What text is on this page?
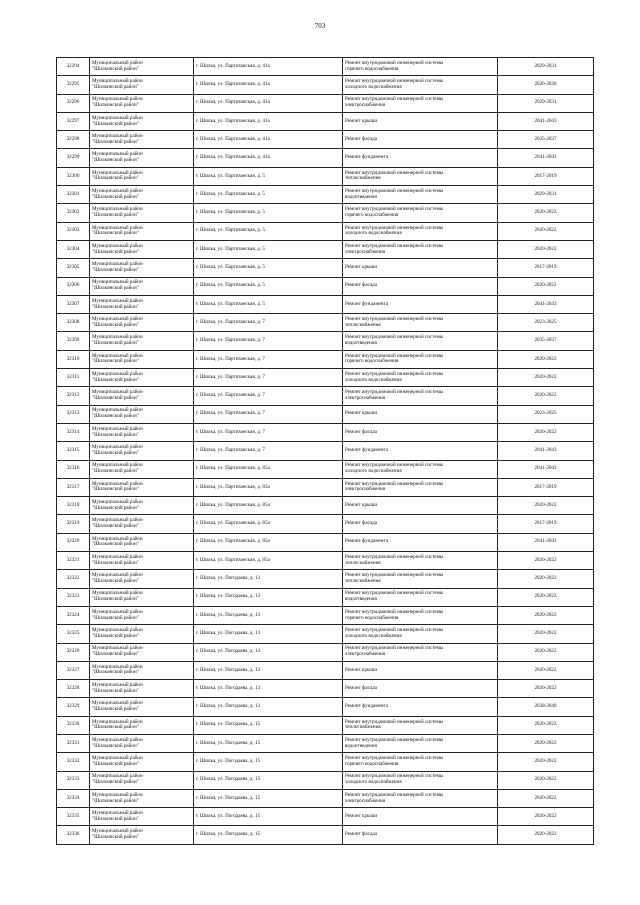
703
32294	Муниципальный район
"Шилкинский район"	г. Шилка, ул. Партизанская, д. 41а	Ремонт внутридомовой инженерной системы
горячего водоснабжения	2029-2031
32295	Муниципальный район
"Шилкинский район"	г. Шилка, ул. Партизанская, д. 41а	Ремонт внутридомовой инженерной системы
холодного водоснабжения	2026-2028
32296	Муниципальный район
"Шилкинский район"	г. Шилка, ул. Партизанская, д. 41а	Ремонт внутридомовой инженерной системы
электроснабжения	2029-2031
32297	Муниципальный район
"Шилкинский район"	г. Шилка, ул. Партизанская, д. 41а	Ремонт крыши	2041-2043
32298	Муниципальный район
"Шилкинский район"	г. Шилка, ул. Партизанская, д. 41а	Ремонт фасада	2035-2037
32299	Муниципальный район
"Шилкинский район"	г. Шилка, ул. Партизанская, д. 41а	Ремонт фундамента	2041-2043
32300	Муниципальный район
"Шилкинский район"	г. Шилка, ул. Партизанская, д. 5	Ремонт внутридомовой инженерной системы
теплоснабжения	2017-2019
32301	Муниципальный район
"Шилкинский район"	г. Шилка, ул. Партизанская, д. 5	Ремонт внутридомовой инженерной системы
водоотведения	2029-2031
32302	Муниципальный район
"Шилкинский район"	г. Шилка, ул. Партизанская, д. 5	Ремонт внутридомовой инженерной системы
горячего водоснабжения	2020-2022
32303	Муниципальный район
"Шилкинский район"	г. Шилка, ул. Партизанская, д. 5	Ремонт внутридомовой инженерной системы
холодного водоснабжения	2020-2022
32304	Муниципальный район
"Шилкинский район"	г. Шилка, ул. Партизанская, д. 5	Ремонт внутридомовой инженерной системы
электроснабжения	2020-2022
32305	Муниципальный район
"Шилкинский район"	г. Шилка, ул. Партизанская, д. 5	Ремонт крыши	2017-2019
32306	Муниципальный район
"Шилкинский район"	г. Шилка, ул. Партизанская, д. 5	Ремонт фасада	2020-2022
32307	Муниципальный район
"Шилкинский район"	г. Шилка, ул. Партизанская, д. 5	Ремонт фундамента	2041-2043
32308	Муниципальный район
"Шилкинский район"	г. Шилка, ул. Партизанская, д. 7	Ремонт внутридомовой инженерной системы
теплоснабжения	2023-2025
32309	Муниципальный район
"Шилкинский район"	г. Шилка, ул. Партизанская, д. 7	Ремонт внутридомовой инженерной системы
водоотведения	2035-2037
32310	Муниципальный район
"Шилкинский район"	г. Шилка, ул. Партизанская, д. 7	Ремонт внутридомовой инженерной системы
горячего водоснабжения	2020-2022
32311	Муниципальный район
"Шилкинский район"	г. Шилка, ул. Партизанская, д. 7	Ремонт внутридомовой инженерной системы
холодного водоснабжения	2020-2022
32312	Муниципальный район
"Шилкинский район"	г. Шилка, ул. Партизанская, д. 7	Ремонт внутридомовой инженерной системы
электроснабжения	2020-2022
32313	Муниципальный район
"Шилкинский район"	г. Шилка, ул. Партизанская, д. 7	Ремонт крыши	2023-2025
32314	Муниципальный район
"Шилкинский район"	г. Шилка, ул. Партизанская, д. 7	Ремонт фасада	2020-2022
32315	Муниципальный район
"Шилкинский район"	г. Шилка, ул. Партизанская, д. 7	Ремонт фундамента	2041-2043
32316	Муниципальный район
"Шилкинский район"	г. Шилка, ул. Партизанская, д. 85а	Ремонт внутридомовой инженерной системы
холодного водоснабжения	2041-2043
32317	Муниципальный район
"Шилкинский район"	г. Шилка, ул. Партизанская, д. 85а	Ремонт внутридомовой инженерной системы
электроснабжения	2017-2019
32318	Муниципальный район
"Шилкинский район"	г. Шилка, ул. Партизанская, д. 85а	Ремонт крыши	2020-2022
32319	Муниципальный район
"Шилкинский район"	г. Шилка, ул. Партизанская, д. 85а	Ремонт фасада	2017-2019
32320	Муниципальный район
"Шилкинский район"	г. Шилка, ул. Партизанская, д. 85а	Ремонт фундамента	2041-2043
32321	Муниципальный район
"Шилкинский район"	г. Шилка, ул. Партизанская, д. 85а	Ремонт внутридомовой инженерной системы
теплоснабжения	2020-2022
32322	Муниципальный район
"Шилкинский район"	г. Шилка, ул. Погодаева, д. 13	Ремонт внутридомовой инженерной системы
теплоснабжения	2020-2022
32323	Муниципальный район
"Шилкинский район"	г. Шилка, ул. Погодаева, д. 13	Ремонт внутридомовой инженерной системы
водоотведения	2020-2022
32324	Муниципальный район
"Шилкинский район"	г. Шилка, ул. Погодаева, д. 13	Ремонт внутридомовой инженерной системы
горячего водоснабжения	2020-2022
32325	Муниципальный район
"Шилкинский район"	г. Шилка, ул. Погодаева, д. 13	Ремонт внутридомовой инженерной системы
холодного водоснабжения	2020-2022
32326	Муниципальный район
"Шилкинский район"	г. Шилка, ул. Погодаева, д. 13	Ремонт внутридомовой инженерной системы
электроснабжения	2020-2022
32327	Муниципальный район
"Шилкинский район"	г. Шилка, ул. Погодаева, д. 13	Ремонт крыши	2020-2022
32328	Муниципальный район
"Шилкинский район"	г. Шилка, ул. Погодаева, д. 13	Ремонт фасада	2020-2022
32329	Муниципальный район
"Шилкинский район"	г. Шилка, ул. Погодаева, д. 13	Ремонт фундамента	2038-2040
32330	Муниципальный район
"Шилкинский район"	г. Шилка, ул. Погодаева, д. 15	Ремонт внутридомовой инженерной системы
теплоснабжения	2020-2022
32331	Муниципальный район
"Шилкинский район"	г. Шилка, ул. Погодаева, д. 15	Ремонт внутридомовой инженерной системы
водоотведения	2020-2022
32332	Муниципальный район
"Шилкинский район"	г. Шилка, ул. Погодаева, д. 15	Ремонт внутридомовой инженерной системы
горячего водоснабжения	2020-2022
32333	Муниципальный район
"Шилкинский район"	г. Шилка, ул. Погодаева, д. 15	Ремонт внутридомовой инженерной системы
холодного водоснабжения	2020-2022
32334	Муниципальный район
"Шилкинский район"	г. Шилка, ул. Погодаева, д. 15	Ремонт внутридомовой инженерной системы
электроснабжения	2020-2022
32335	Муниципальный район
"Шилкинский район"	г. Шилка, ул. Погодаева, д. 15	Ремонт крыши	2020-2022
32336	Муниципальный район
"Шилкинский район"	г. Шилка, ул. Погодаева, д. 15	Ремонт фасада	2020-2022
